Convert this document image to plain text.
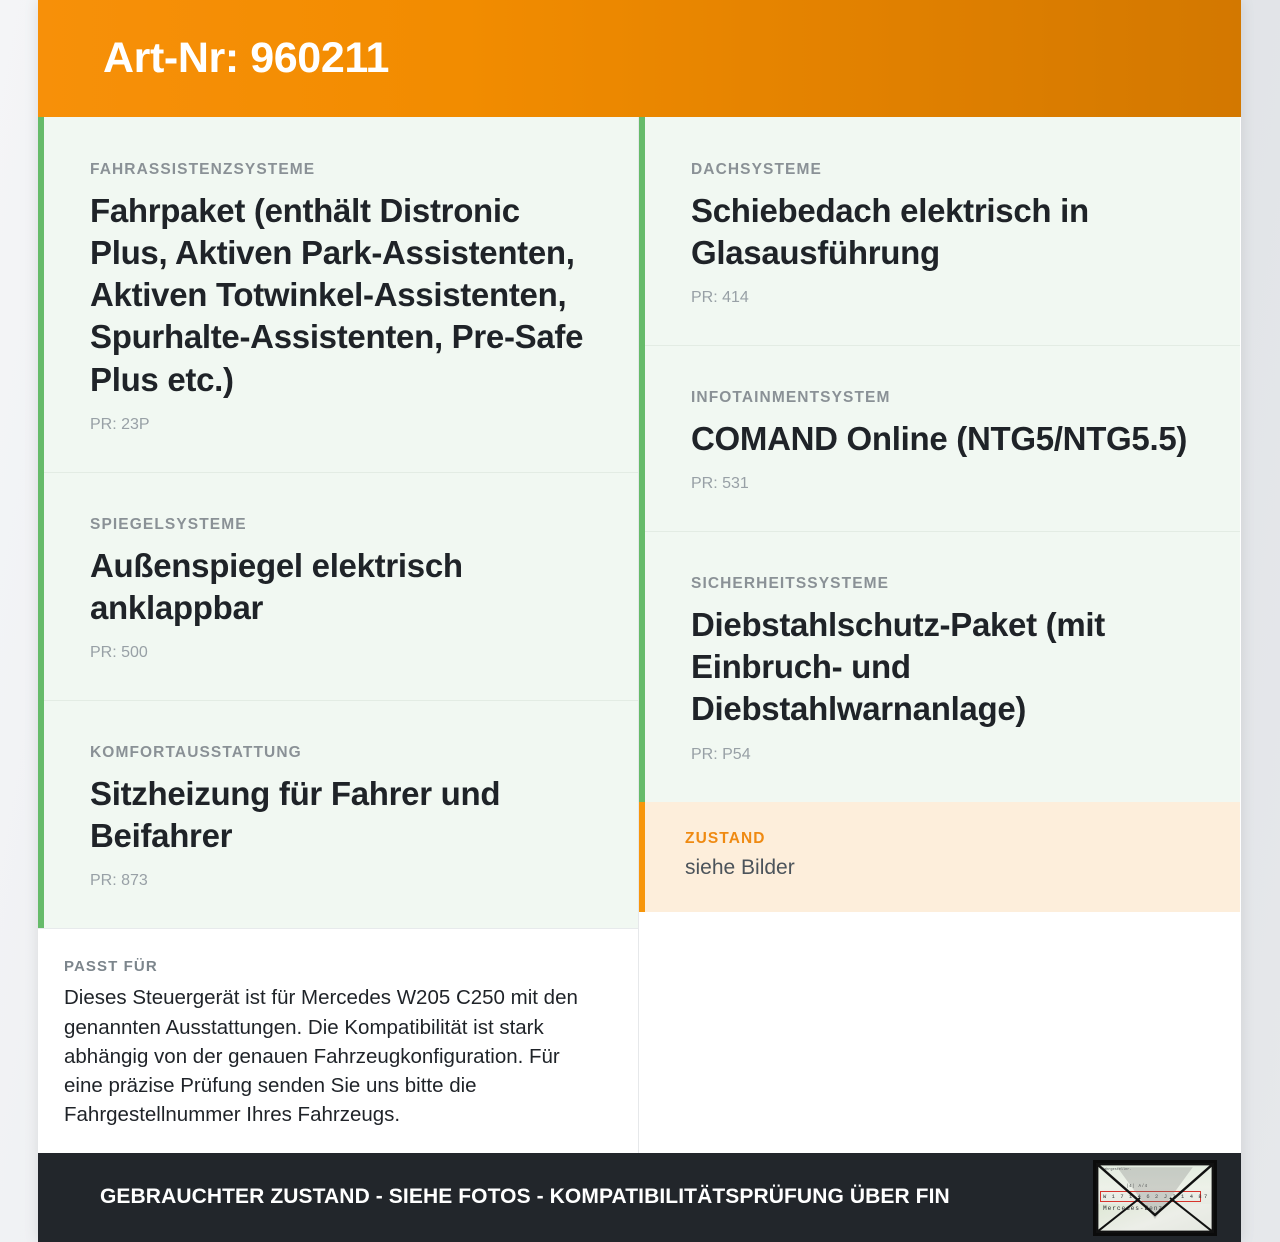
Art-Nr: 960211
FAHRASSISTENZSYSTEME
Fahrpaket (enthält Distronic Plus, Aktiven Park-Assistenten, Aktiven Totwinkel-Assistenten, Spurhalte-Assistenten, Pre-Safe Plus etc.)
PR: 23P
SPIEGELSYSTEME
Außenspiegel elektrisch anklappbar
PR: 500
KOMFORTAUSSTATTUNG
Sitzheizung für Fahrer und Beifahrer
PR: 873
PASST FÜR
Dieses Steuergerät ist für Mercedes W205 C250 mit den genannten Ausstattungen. Die Kompatibilität ist stark abhängig von der genauen Fahrzeugkonfiguration. Für eine präzise Prüfung senden Sie uns bitte die Fahrgestellnummer Ihres Fahrzeugs.
DACHSYSTEME
Schiebedach elektrisch in Glasausführung
PR: 414
INFOTAINMENTSYSTEM
COMAND Online (NTG5/NTG5.5)
PR: 531
SICHERHEITSSYSTEME
Diebstahlschutz-Paket (mit Einbruch- und Diebstahlwarnanlage)
PR: P54
ZUSTAND
siehe Bilder
GEBRAUCHTER ZUSTAND - SIEHE FOTOS - KOMPATIBILITÄTSPRÜFUNG ÜBER FIN
Fahrgestellnr.
|4| A/4
W 1 7 1 4 6 2 J 3 1 4 8 7
Mercedes-Benz
